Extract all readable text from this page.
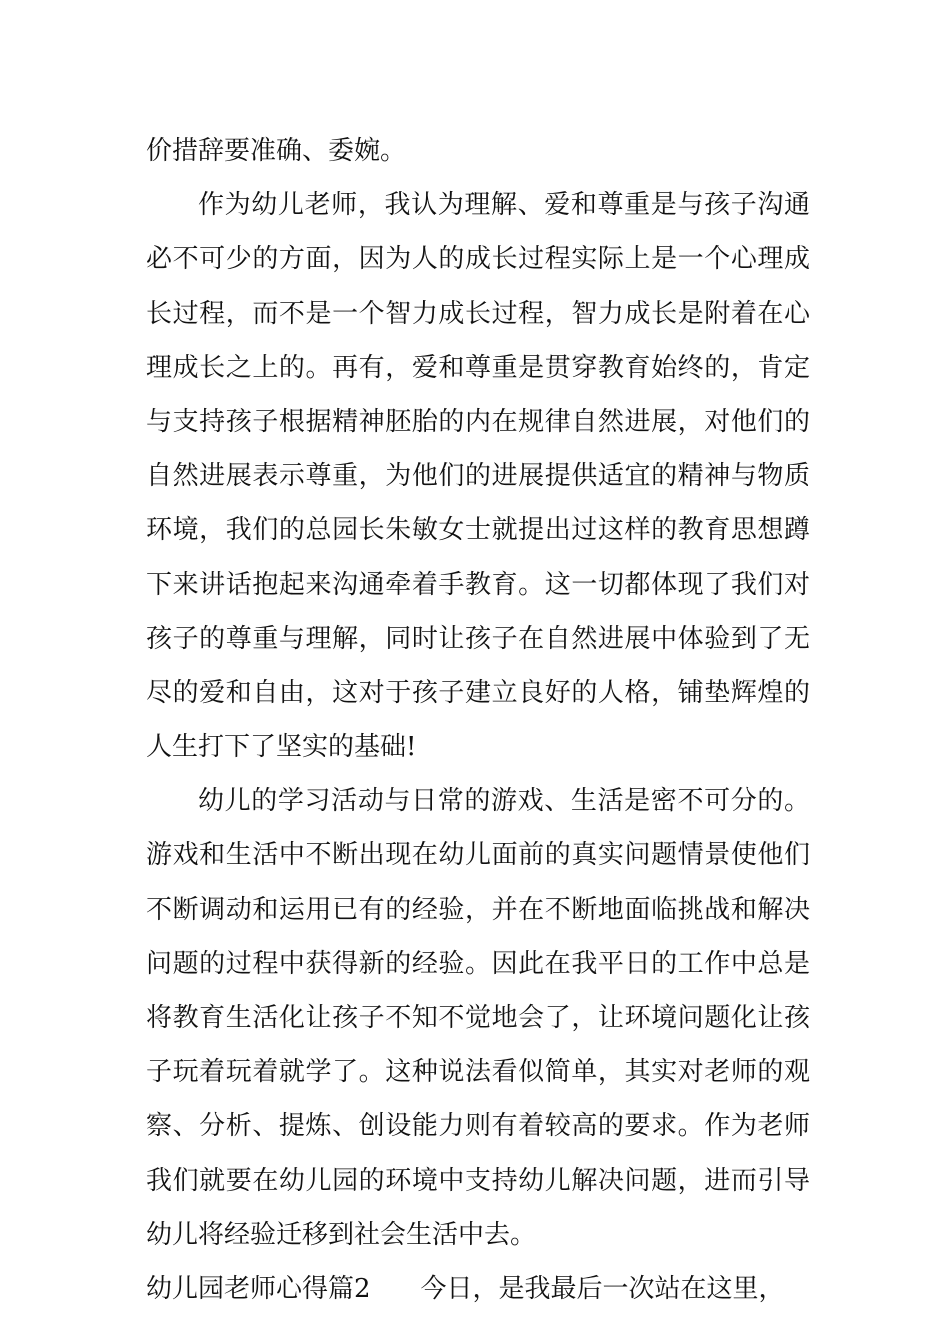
价措辞要准确、委婉。
作为幼儿老师，我认为理解、爱和尊重是与孩子沟通
必不可少的方面，因为人的成长过程实际上是一个心理成
长过程，而不是一个智力成长过程，智力成长是附着在心
理成长之上的。再有，爱和尊重是贯穿教育始终的，肯定
与支持孩子根据精神胚胎的内在规律自然进展，对他们的
自然进展表示尊重，为他们的进展提供适宜的精神与物质
环境，我们的总园长朱敏女士就提出过这样的教育思想蹲
下来讲话抱起来沟通牵着手教育。这一切都体现了我们对
孩子的尊重与理解，同时让孩子在自然进展中体验到了无
尽的爱和自由，这对于孩子建立良好的人格，铺垫辉煌的
人生打下了坚实的基础!
幼儿的学习活动与日常的游戏、生活是密不可分的。
游戏和生活中不断出现在幼儿面前的真实问题情景使他们
不断调动和运用已有的经验，并在不断地面临挑战和解决
问题的过程中获得新的经验。因此在我平日的工作中总是
将教育生活化让孩子不知不觉地会了，让环境问题化让孩
子玩着玩着就学了。这种说法看似简单，其实对老师的观
察、分析、提炼、创设能力则有着较高的要求。作为老师
我们就要在幼儿园的环境中支持幼儿解决问题，进而引导
幼儿将经验迁移到社会生活中去。
幼儿园老师心得篇2 今日，是我最后一次站在这里，
